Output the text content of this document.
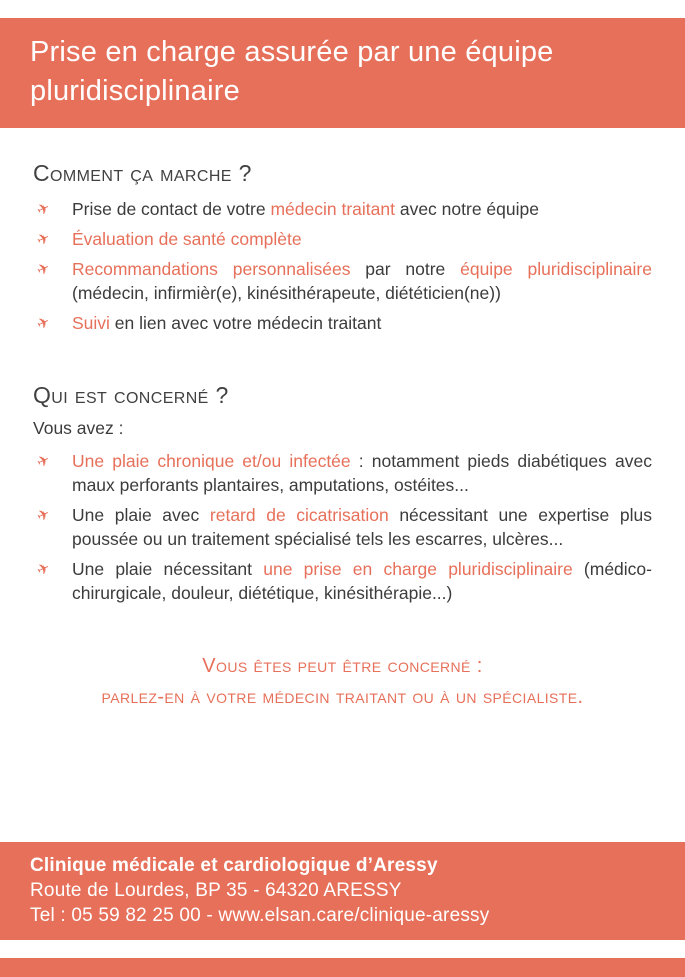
Prise en charge assurée par une équipe pluridisciplinaire
Comment ça marche ?
✈	Prise de contact de votre médecin traitant avec notre équipe
✈	Évaluation de santé complète
✈	Recommandations personnalisées par notre équipe pluridisciplinaire (médecin, infirmièr(e), kinésithérapeute, diététicien(ne))
✈	Suivi en lien avec votre médecin traitant
Qui est concerné ?

Vous avez :

✈	Une plaie chronique et/ou infectée : notamment pieds diabétiques avec maux perforants plantaires, amputations, ostéites...
✈	Une plaie avec retard de cicatrisation nécessitant une expertise plus poussée ou un traitement spécialisé tels les escarres, ulcères...
✈	Une plaie nécessitant une prise en charge pluridisciplinaire (médico-chirurgicale, douleur, diététique, kinésithérapie...)
Vous êtes peut être concerné :
parlez-en à votre médecin traitant ou à un spécialiste.
Clinique médicale et cardiologique d’Aressy
Route de Lourdes, BP 35 - 64320 ARESSY
Tel : 05 59 82 25 00 - www.elsan.care/clinique-aressy
